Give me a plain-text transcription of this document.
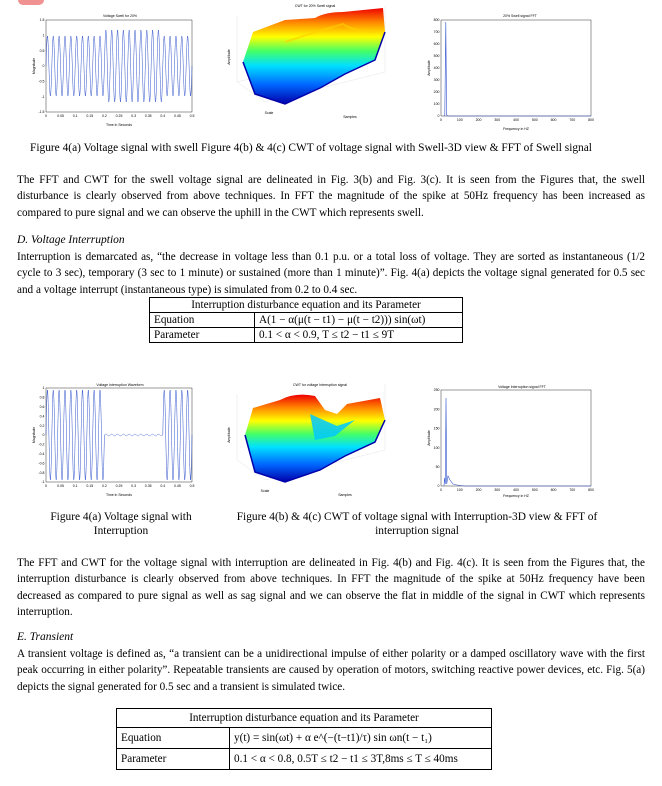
Voltage Swell for 20%
1.5
1
0.5
0
-0.5
-1
-1.5
0	0.05	0.1	0.15	0.2	0.25	0.3	0.35	0.4	0.45	0.5
Magnitude
Time in Seconds
CWT for 20% Swell signal
Amplitude
Scale
Samples
20% Swell signal FFT
800
700
600
500
400
300
200
100
0
0	100	200	300	400	500	600	700	800
Amplitude
Frequency in HZ
Figure 4(a) Voltage signal with swell Figure 4(b) & 4(c) CWT of voltage signal with Swell-3D view & FFT of Swell signal
The FFT and CWT for the swell voltage signal are delineated in Fig. 3(b) and Fig. 3(c). It is seen from the Figures that, the swell disturbance is clearly observed from above techniques. In FFT the magnitude of the spike at 50Hz frequency has been increased as compared to pure signal and we can observe the uphill in the CWT which represents swell.
D. Voltage Interruption
Interruption is demarcated as, “the decrease in voltage less than 0.1 p.u. or a total loss of voltage. They are sorted as instantaneous (1/2 cycle to 3 sec), temporary (3 sec to 1 minute) or sustained (more than 1 minute)”. Fig. 4(a) depicts the voltage signal generated for 0.5 sec and a voltage interrupt (instantaneous type) is simulated from 0.2 to 0.4 sec.
Interruption disturbance equation and its Parameter	
Equation	A(1 − α(μ(t − t1) − μ(t − t2))) sin(ωt)
Parameter	0.1 < α < 0.9, T ≤ t2 − t1 ≤ 9T
Voltage Interruption Waveform
1
0.8
0.6
0.4
0.2
0
-0.2
-0.4
-0.6
-0.8
-1
0	0.05	0.1	0.15	0.2	0.25	0.3	0.35	0.4	0.45	0.5
Magnitude
Time in Seconds
CWT for voltage Interruption signal
Amplitude
Scale
Samples
Voltage Interruption signal FFT
250
200
150
100
50
0
0	100	200	300	400	500	600	700	800
Amplitude
Frequency in HZ
Figure 4(a) Voltage signal with
Interruption
Figure 4(b) & 4(c) CWT of voltage signal with Interruption-3D view & FFT of
interruption signal
The FFT and CWT for the voltage signal with interruption are delineated in Fig. 4(b) and Fig. 4(c). It is seen from the Figures that, the interruption disturbance is clearly observed from above techniques. In FFT the magnitude of the spike at 50Hz frequency have been decreased as compared to pure signal as well as sag signal and we can observe the flat in middle of the signal in CWT which represents interruption.
E. Transient
A transient voltage is defined as, “a transient can be a unidirectional impulse of either polarity or a damped oscillatory wave with the first peak occurring in either polarity”. Repeatable transients are caused by operation of motors, switching reactive power devices, etc. Fig. 5(a) depicts the signal generated for 0.5 sec and a transient is simulated twice.
Interruption disturbance equation and its Parameter	
Equation	y(t) = sin(ωt) + α e^(−(t−t1)/τ) sin ωn(t − t₁)
Parameter	0.1 < α < 0.8, 0.5T ≤ t2 − t1 ≤ 3T,8ms ≤ T ≤ 40ms
